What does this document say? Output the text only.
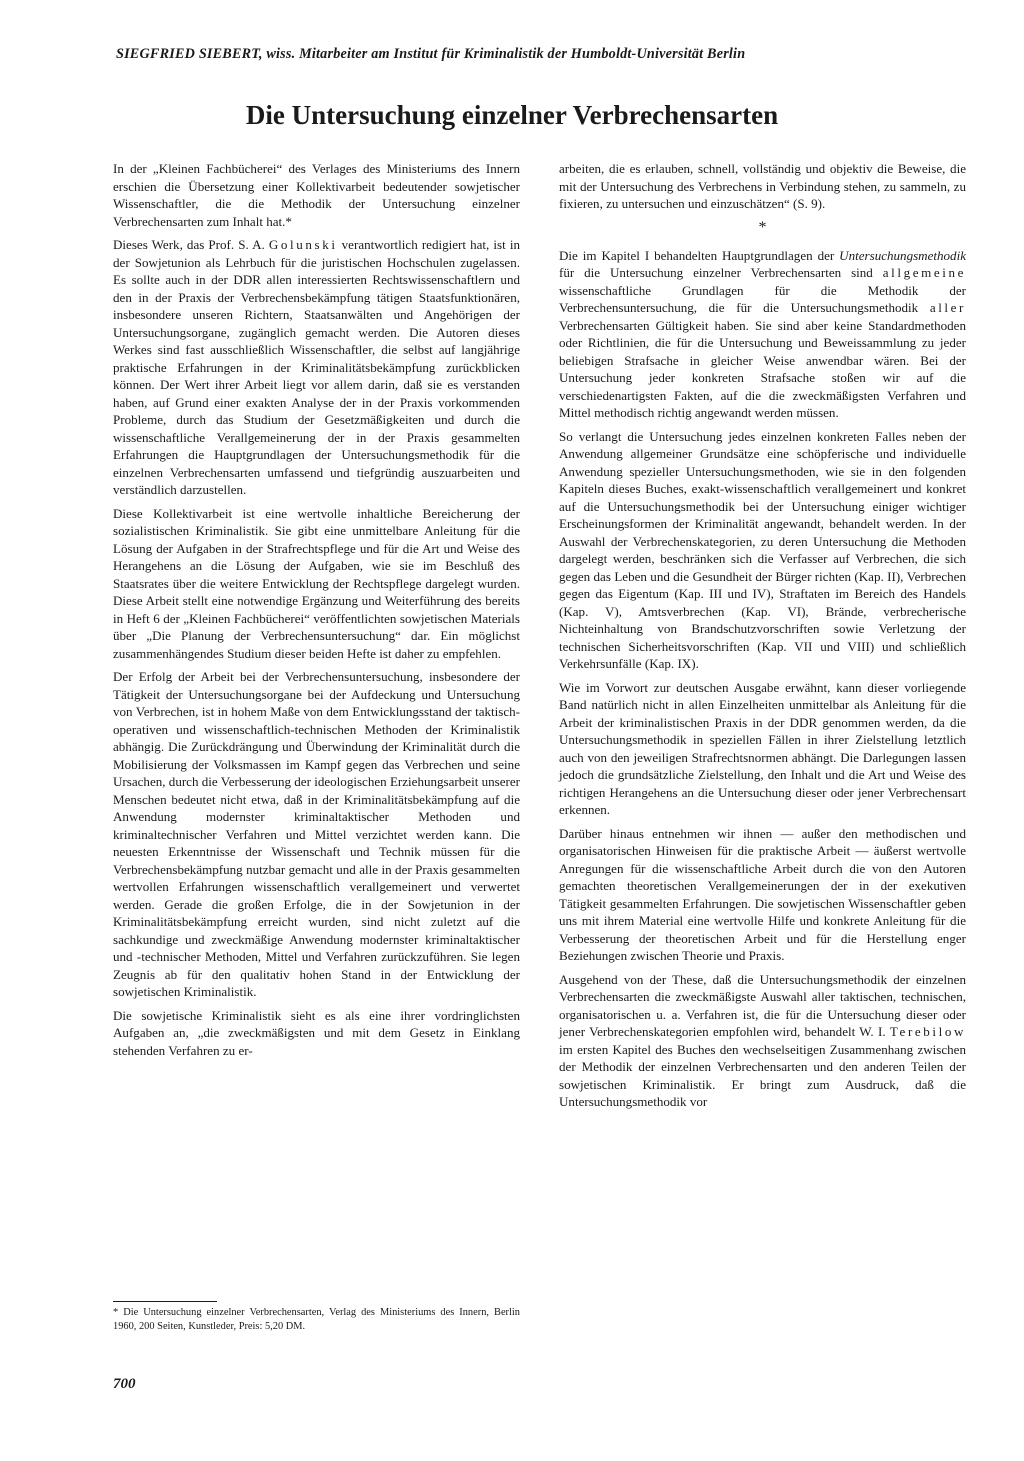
SIEGFRIED SIEBERT, wiss. Mitarbeiter am Institut für Kriminalistik der Humboldt-Universität Berlin
Die Untersuchung einzelner Verbrechensarten

In der „Kleinen Fachbücherei“ des Verlages des Ministeriums des Innern erschien die Übersetzung einer Kollektivarbeit bedeutender sowjetischer Wissenschaftler, die die Methodik der Untersuchung einzelner Verbrechensarten zum Inhalt hat.*

Dieses Werk, das Prof. S. A. Golunski verantwortlich redigiert hat, ist in der Sowjetunion als Lehrbuch für die juristischen Hochschulen zugelassen. Es sollte auch in der DDR allen interessierten Rechtswissenschaftlern und den in der Praxis der Verbrechensbekämpfung tätigen Staatsfunktionären, insbesondere unseren Richtern, Staatsanwälten und Angehörigen der Untersuchungsorgane, zugänglich gemacht werden. Die Autoren dieses Werkes sind fast ausschließlich Wissenschaftler, die selbst auf langjährige praktische Erfahrungen in der Kriminalitätsbekämpfung zurückblicken können. Der Wert ihrer Arbeit liegt vor allem darin, daß sie es verstanden haben, auf Grund einer exakten Analyse der in der Praxis vorkommenden Probleme, durch das Studium der Gesetzmäßigkeiten und durch die wissenschaftliche Verallgemeinerung der in der Praxis gesammelten Erfahrungen die Hauptgrundlagen der Untersuchungsmethodik für die einzelnen Verbrechensarten umfassend und tiefgründig auszuarbeiten und verständlich darzustellen.

Diese Kollektivarbeit ist eine wertvolle inhaltliche Bereicherung der sozialistischen Kriminalistik. Sie gibt eine unmittelbare Anleitung für die Lösung der Aufgaben in der Strafrechtspflege und für die Art und Weise des Herangehens an die Lösung der Aufgaben, wie sie im Beschluß des Staatsrates über die weitere Entwicklung der Rechtspflege dargelegt wurden. Diese Arbeit stellt eine notwendige Ergänzung und Weiterführung des bereits in Heft 6 der „Kleinen Fachbücherei“ veröffentlichten sowjetischen Materials über „Die Planung der Verbrechensuntersuchung“ dar. Ein möglichst zusammenhängendes Studium dieser beiden Hefte ist daher zu empfehlen.

Der Erfolg der Arbeit bei der Verbrechensuntersuchung, insbesondere der Tätigkeit der Untersuchungsorgane bei der Aufdeckung und Untersuchung von Verbrechen, ist in hohem Maße von dem Entwicklungsstand der taktisch-operativen und wissenschaftlich-technischen Methoden der Kriminalistik abhängig. Die Zurückdrängung und Überwindung der Kriminalität durch die Mobilisierung der Volksmassen im Kampf gegen das Verbrechen und seine Ursachen, durch die Verbesserung der ideologischen Erziehungsarbeit unserer Menschen bedeutet nicht etwa, daß in der Kriminalitätsbekämpfung auf die Anwendung modernster kriminaltaktischer Methoden und kriminaltechnischer Verfahren und Mittel verzichtet werden kann. Die neuesten Erkenntnisse der Wissenschaft und Technik müssen für die Verbrechensbekämpfung nutzbar gemacht und alle in der Praxis gesammelten wertvollen Erfahrungen wissenschaftlich verallgemeinert und verwertet werden. Gerade die großen Erfolge, die in der Sowjetunion in der Kriminalitätsbekämpfung erreicht wurden, sind nicht zuletzt auf die sachkundige und zweckmäßige Anwendung modernster kriminaltaktischer und -technischer Methoden, Mittel und Verfahren zurückzuführen. Sie legen Zeugnis ab für den qualitativ hohen Stand in der Entwicklung der sowjetischen Kriminalistik.

Die sowjetische Kriminalistik sieht es als eine ihrer vordringlichsten Aufgaben an, „die zweckmäßigsten und mit dem Gesetz in Einklang stehenden Verfahren zu er-

arbeiten, die es erlauben, schnell, vollständig und objektiv die Beweise, die mit der Untersuchung des Verbrechens in Verbindung stehen, zu sammeln, zu fixieren, zu untersuchen und einzuschätzen“ (S. 9).

*

Die im Kapitel I behandelten Hauptgrundlagen der Untersuchungsmethodik für die Untersuchung einzelner Verbrechensarten sind allgemeine wissenschaftliche Grundlagen für die Methodik der Verbrechensuntersuchung, die für die Untersuchungsmethodik aller Verbrechensarten Gültigkeit haben. Sie sind aber keine Standardmethoden oder Richtlinien, die für die Untersuchung und Beweissammlung zu jeder beliebigen Strafsache in gleicher Weise anwendbar wären. Bei der Untersuchung jeder konkreten Strafsache stoßen wir auf die verschiedenartigsten Fakten, auf die die zweckmäßigsten Verfahren und Mittel methodisch richtig angewandt werden müssen.

So verlangt die Untersuchung jedes einzelnen konkreten Falles neben der Anwendung allgemeiner Grundsätze eine schöpferische und individuelle Anwendung spezieller Untersuchungsmethoden, wie sie in den folgenden Kapiteln dieses Buches, exakt-wissenschaftlich verallgemeinert und konkret auf die Untersuchungsmethodik bei der Untersuchung einiger wichtiger Erscheinungsformen der Kriminalität angewandt, behandelt werden. In der Auswahl der Verbrechenskategorien, zu deren Untersuchung die Methoden dargelegt werden, beschränken sich die Verfasser auf Verbrechen, die sich gegen das Leben und die Gesundheit der Bürger richten (Kap. II), Verbrechen gegen das Eigentum (Kap. III und IV), Straftaten im Bereich des Handels (Kap. V), Amtsverbrechen (Kap. VI), Brände, verbrecherische Nichteinhaltung von Brandschutzvorschriften sowie Verletzung der technischen Sicherheitsvorschriften (Kap. VII und VIII) und schließlich Verkehrsunfälle (Kap. IX).

Wie im Vorwort zur deutschen Ausgabe erwähnt, kann dieser vorliegende Band natürlich nicht in allen Einzelheiten unmittelbar als Anleitung für die Arbeit der kriminalistischen Praxis in der DDR genommen werden, da die Untersuchungsmethodik in speziellen Fällen in ihrer Zielstellung letztlich auch von den jeweiligen Strafrechtsnormen abhängt. Die Darlegungen lassen jedoch die grundsätzliche Zielstellung, den Inhalt und die Art und Weise des richtigen Herangehens an die Untersuchung dieser oder jener Verbrechensart erkennen.

Darüber hinaus entnehmen wir ihnen — außer den methodischen und organisatorischen Hinweisen für die praktische Arbeit — äußerst wertvolle Anregungen für die wissenschaftliche Arbeit durch die von den Autoren gemachten theoretischen Verallgemeinerungen der in der exekutiven Tätigkeit gesammelten Erfahrungen. Die sowjetischen Wissenschaftler geben uns mit ihrem Material eine wertvolle Hilfe und konkrete Anleitung für die Verbesserung der theoretischen Arbeit und für die Herstellung enger Beziehungen zwischen Theorie und Praxis.

Ausgehend von der These, daß die Untersuchungsmethodik der einzelnen Verbrechensarten die zweckmäßigste Auswahl aller taktischen, technischen, organisatorischen u. a. Verfahren ist, die für die Untersuchung dieser oder jener Verbrechenskategorien empfohlen wird, behandelt W. I. Terebilow im ersten Kapitel des Buches den wechselseitigen Zusammenhang zwischen der Methodik der einzelnen Verbrechensarten und den anderen Teilen der sowjetischen Kriminalistik. Er bringt zum Ausdruck, daß die Untersuchungsmethodik vor

* Die Untersuchung einzelner Verbrechensarten, Verlag des Ministeriums des Innern, Berlin 1960, 200 Seiten, Kunstleder, Preis: 5,20 DM.
700
